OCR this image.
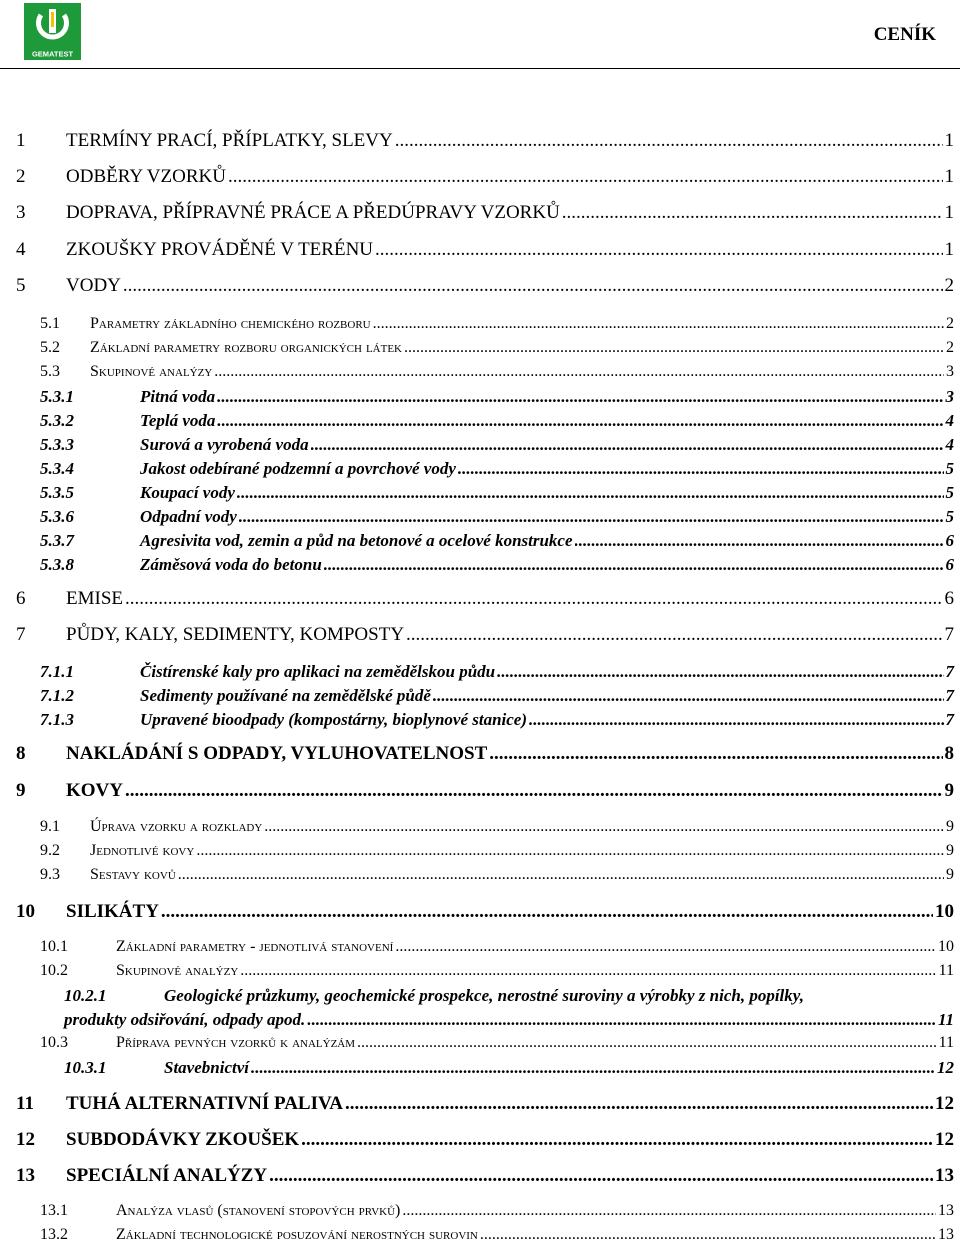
GEMATEST
CENÍK
1	TERMÍNY PRACÍ, PŘÍPLATKY, SLEVY .....	1
2	ODBĚRY VZORKŮ .....	1
3	DOPRAVA, PŘÍPRAVNÉ PRÁCE A PŘEDÚPRAVY VZORKŮ .....	1
4	ZKOUŠKY PROVÁDĚNÉ V TERÉNU .....	1
5	VODY .....	2
5.1	Parametry základního chemického rozboru .....	2
5.2	Základní parametry rozboru organických látek .....	2
5.3	Skupinové analýzy .....	3
5.3.1	Pitná voda .....	3
5.3.2	Teplá voda .....	4
5.3.3	Surová a vyrobená voda .....	4
5.3.4	Jakost odebírané podzemní a povrchové vody .....	5
5.3.5	Koupací vody .....	5
5.3.6	Odpadní vody .....	5
5.3.7	Agresivita vod, zemin a půd na betonové a ocelové konstrukce .....	6
5.3.8	Záměsová voda do betonu .....	6
6	EMISE .....	6
7	PŮDY, KALY, SEDIMENTY, KOMPOSTY .....	7
7.1.1	Čistírenské kaly pro aplikaci na zemědělskou půdu .....	7
7.1.2	Sedimenty používané na zemědělské půdě .....	7
7.1.3	Upravené bioodpady (kompostárny, bioplynové stanice) .....	7
8	NAKLÁDÁNÍ S ODPADY, VYLUHOVATELNOST .....	8
9	KOVY .....	9
9.1	Úprava vzorku a rozklady .....	9
9.2	Jednotlivé kovy .....	9
9.3	Sestavy kovů .....	9
10	SILIKÁTY .....	10
10.1	Základní parametry - jednotlivá stanovení .....	10
10.2	Skupinové analýzy .....	11
10.2.1	Geologické průzkumy, geochemické prospekce, nerostné suroviny a výrobky z nich, popílky,
produkty odsiřování, odpady apod. .....	11
10.3	Příprava pevných vzorků k analýzám .....	11
10.3.1	Stavebnictví .....	12
11	TUHÁ ALTERNATIVNÍ PALIVA .....	12
12	SUBDODÁVKY ZKOUŠEK .....	12
13	SPECIÁLNÍ ANALÝZY .....	13
13.1	Analýza vlasů (stanovení stopových prvků) .....	13
13.2	Základní technologické posuzování nerostných surovin .....	13
